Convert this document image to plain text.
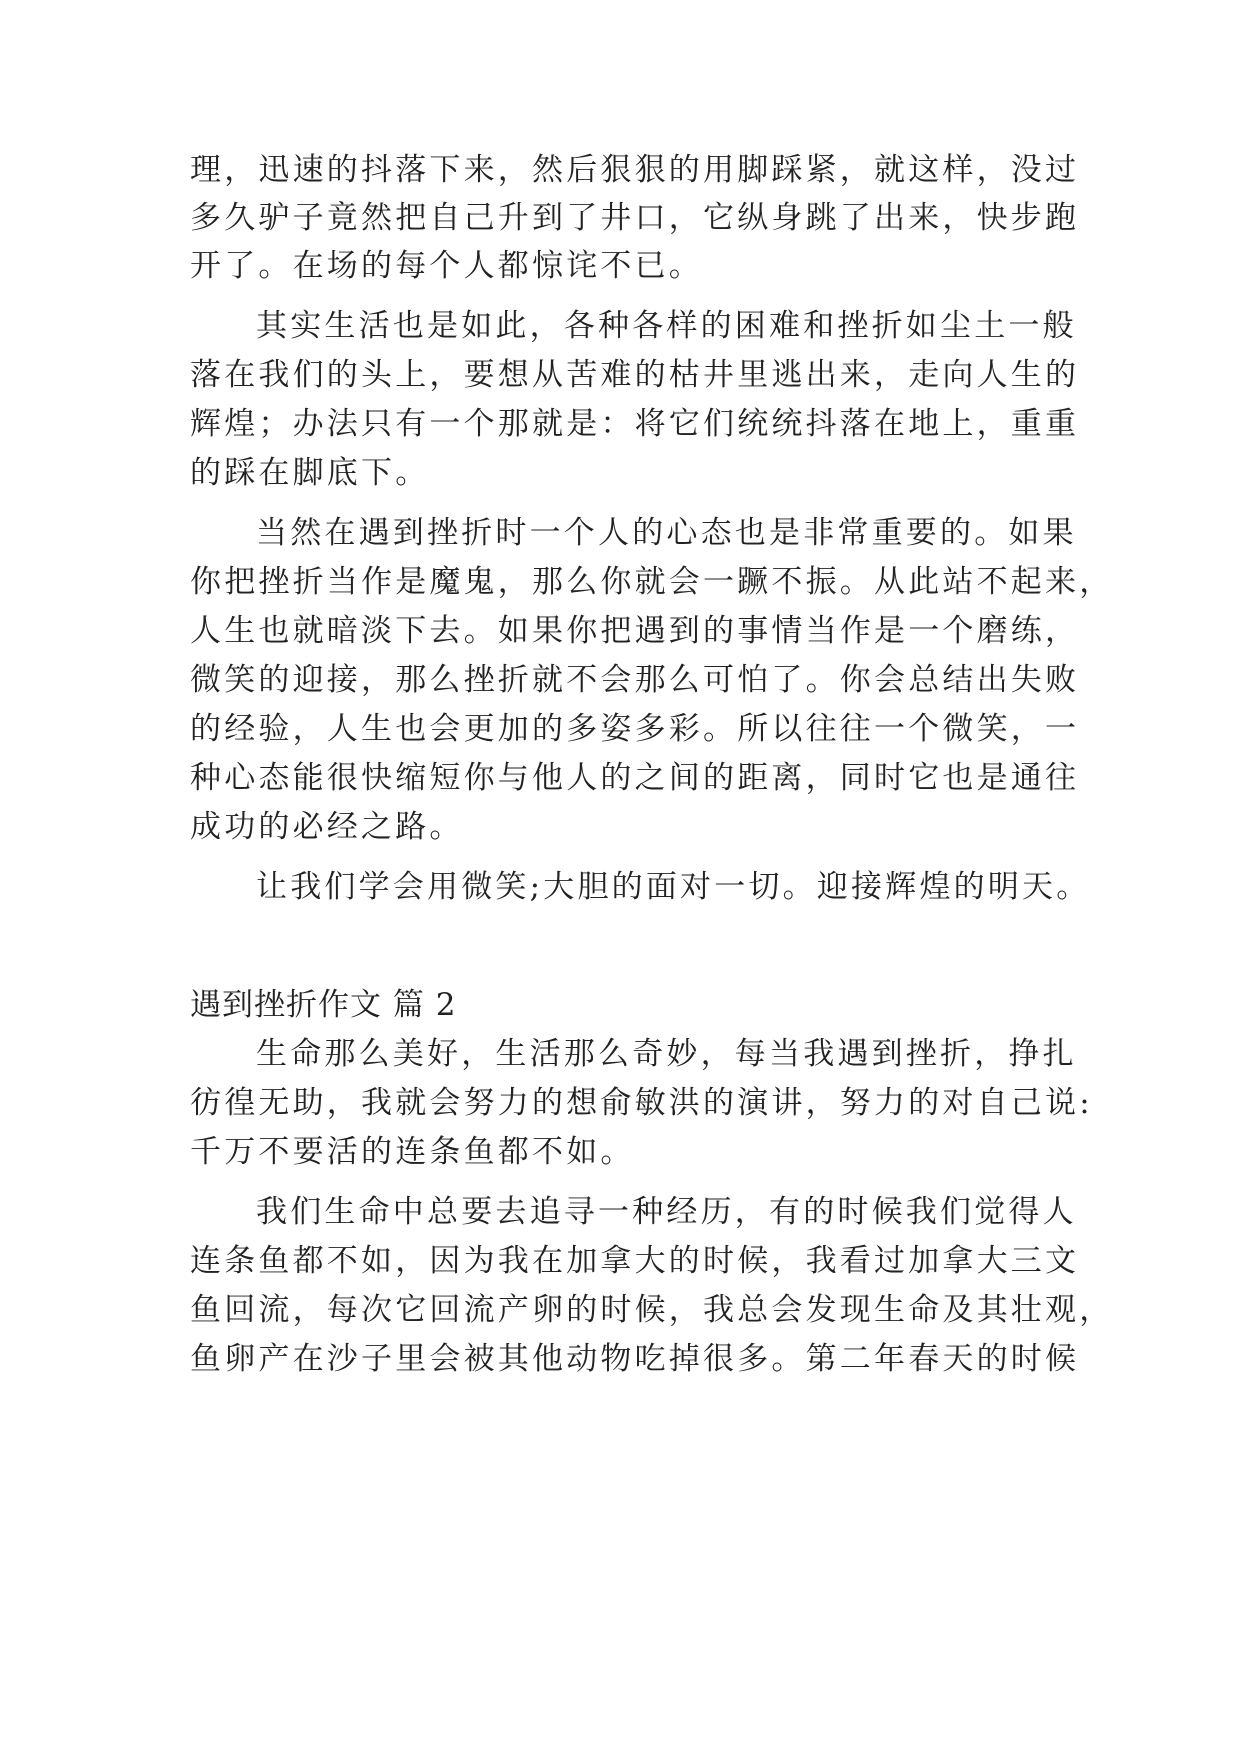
理，迅速的抖落下来，然后狠狠的用脚踩紧，就这样，没过
多久驴子竟然把自己升到了井口，它纵身跳了出来，快步跑
开了。在场的每个人都惊诧不已。
其实生活也是如此，各种各样的困难和挫折如尘土一般
落在我们的头上，要想从苦难的枯井里逃出来，走向人生的
辉煌；办法只有一个那就是：将它们统统抖落在地上，重重
的踩在脚底下。
当然在遇到挫折时一个人的心态也是非常重要的。如果
你把挫折当作是魔鬼，那么你就会一蹶不振。从此站不起来，
人生也就暗淡下去。如果你把遇到的事情当作是一个磨练，
微笑的迎接，那么挫折就不会那么可怕了。你会总结出失败
的经验，人生也会更加的多姿多彩。所以往往一个微笑，一
种心态能很快缩短你与他人的之间的距离，同时它也是通往
成功的必经之路。
让我们学会用微笑;大胆的面对一切。迎接辉煌的明天。
遇到挫折作文 篇 2
生命那么美好，生活那么奇妙，每当我遇到挫折，挣扎
彷徨无助，我就会努力的想俞敏洪的演讲，努力的对自己说:
千万不要活的连条鱼都不如。
我们生命中总要去追寻一种经历，有的时候我们觉得人
连条鱼都不如，因为我在加拿大的时候，我看过加拿大三文
鱼回流，每次它回流产卵的时候，我总会发现生命及其壮观，
鱼卵产在沙子里会被其他动物吃掉很多。第二年春天的时候
